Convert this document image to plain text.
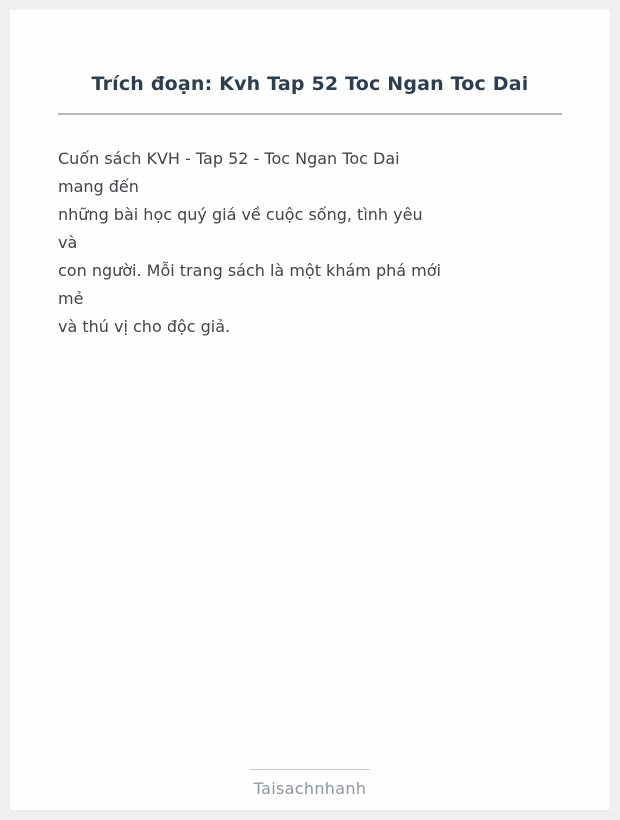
Trích đoạn: Kvh Tap 52 Toc Ngan Toc Dai
Cuốn sách KVH - Tap 52 - Toc Ngan Toc Dai
mang đến
những bài học quý giá về cuộc sống, tình yêu
và
con người. Mỗi trang sách là một khám phá mới
mẻ
và thú vị cho độc giả.
Taisachnhanh
